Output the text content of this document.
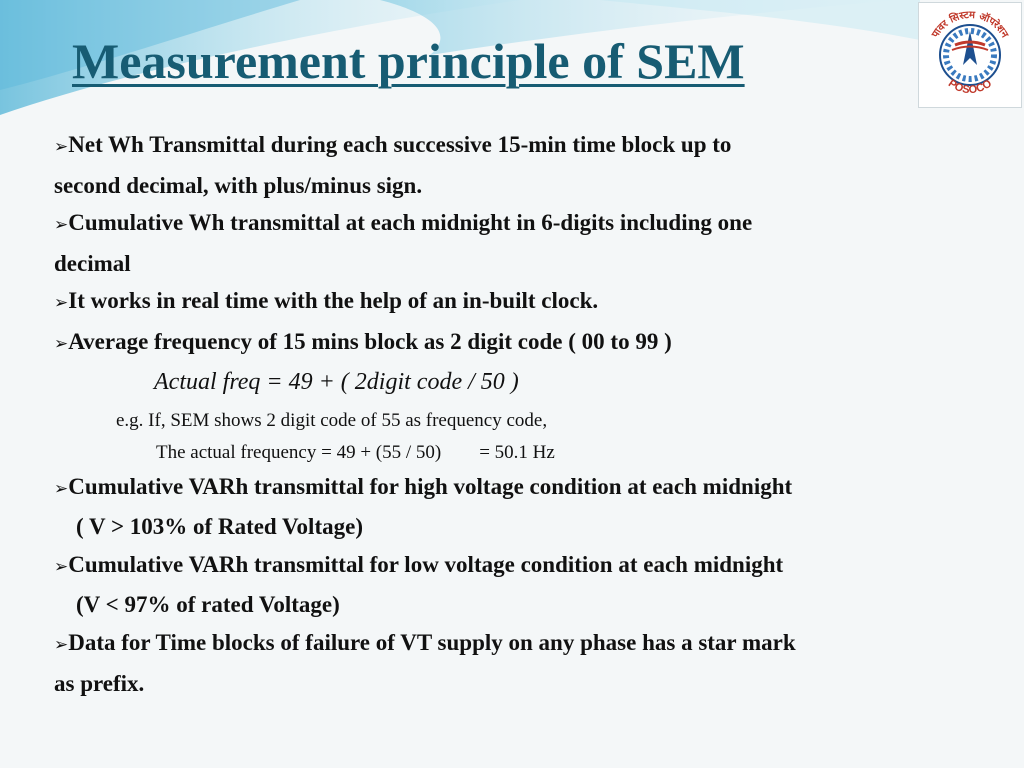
Measurement principle of SEM	पावर सिस्टम ऑपरेशन
POSOCO

➢Net Wh Transmittal during each successive 15-min time block up to
second decimal, with plus/minus sign.

➢Cumulative Wh transmittal at each midnight in 6-digits including one
decimal

➢It works in real time with the help of an in-built clock.

➢Average frequency of 15 mins block as 2 digit code ( 00 to 99 )

Actual freq = 49 + ( 2digit code / 50 )

e.g. If, SEM shows 2 digit code of 55 as frequency code,
The actual frequency = 49 + (55 / 50)        = 50.1 Hz

➢Cumulative VARh transmittal for high voltage condition at each midnight
( V > 103% of Rated Voltage)

➢Cumulative VARh transmittal for low voltage condition at each midnight
(V < 97% of rated Voltage)

➢Data for Time blocks of failure of VT supply on any phase has a star mark
as prefix.
